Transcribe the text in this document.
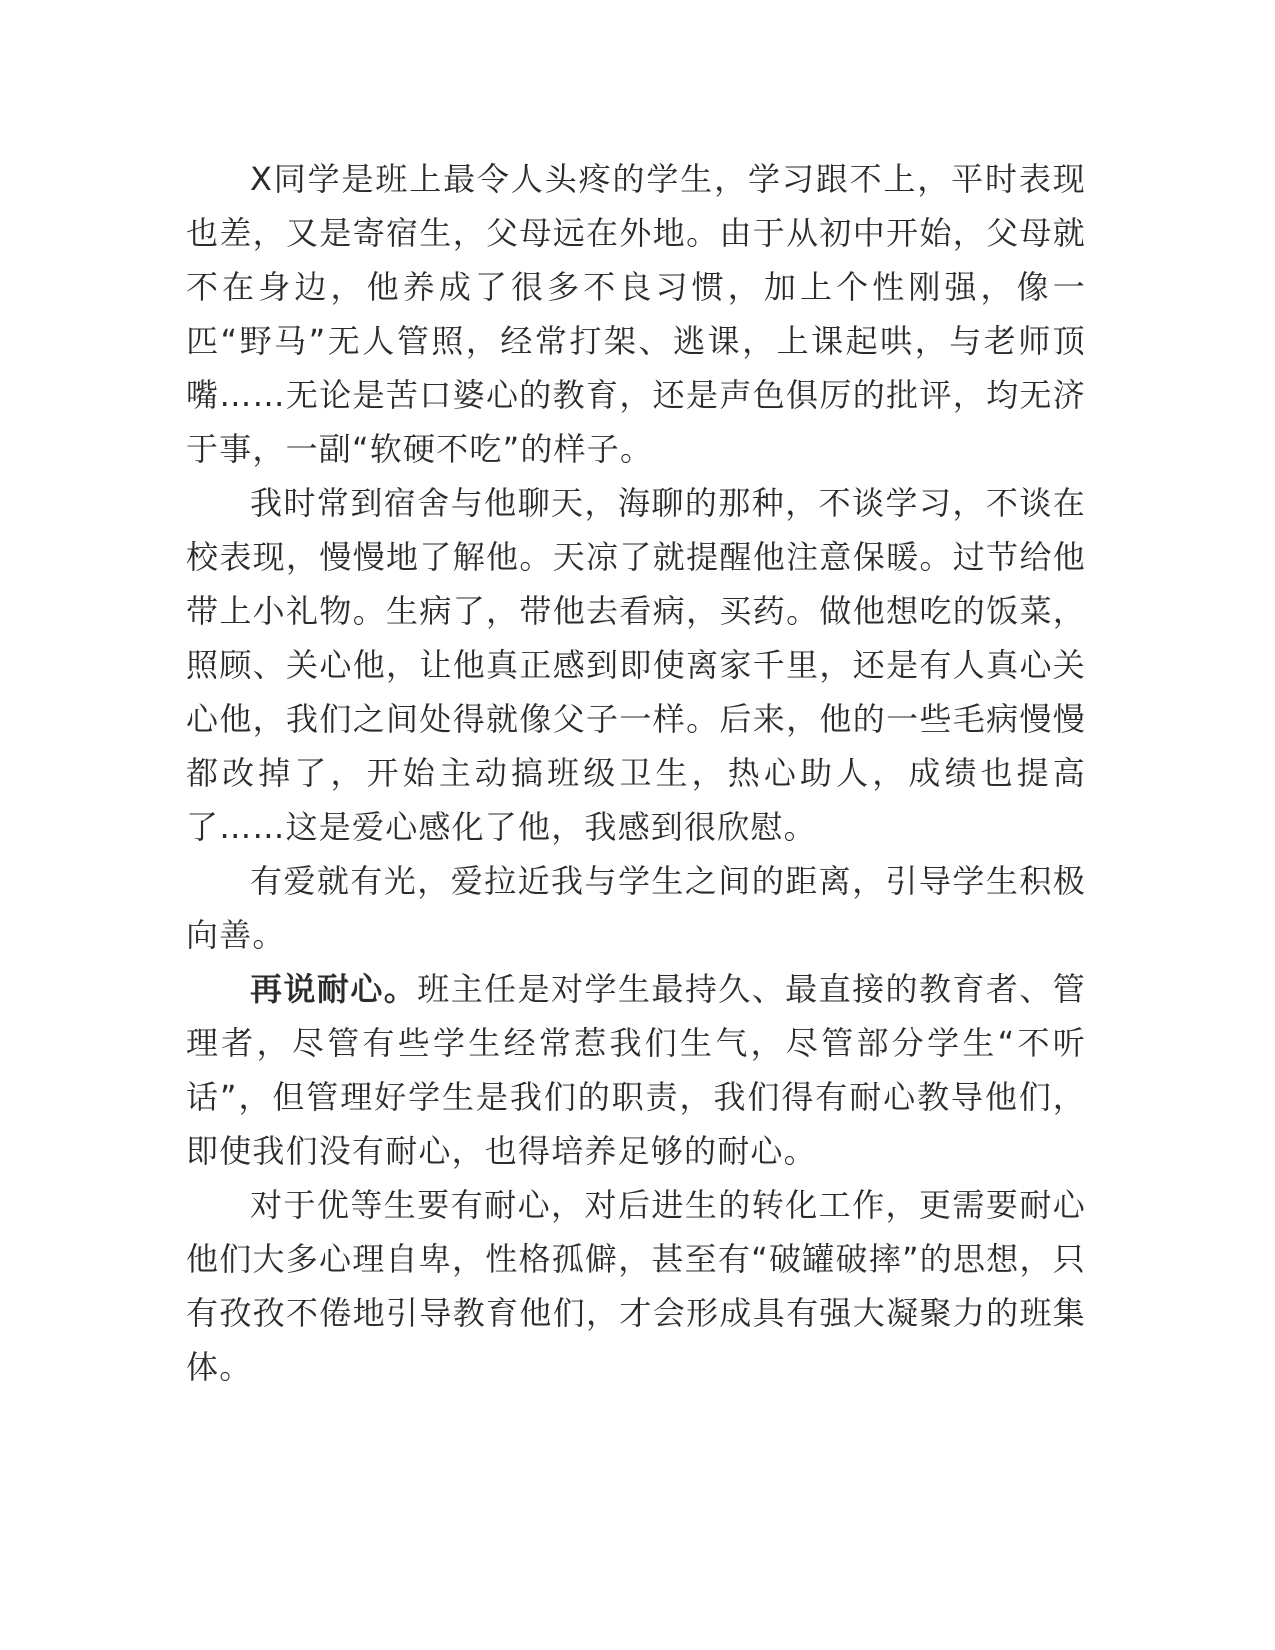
X同学是班上最令人头疼的学生，学习跟不上，平时表现也差，又是寄宿生，父母远在外地。由于从初中开始，父母就不在身边，他养成了很多不良习惯，加上个性刚强，像一匹“野马”无人管照，经常打架、逃课，上课起哄，与老师顶嘴……无论是苦口婆心的教育，还是声色俱厉的批评，均无济于事，一副“软硬不吃”的样子。

我时常到宿舍与他聊天，海聊的那种，不谈学习，不谈在校表现，慢慢地了解他。天凉了就提醒他注意保暖。过节给他带上小礼物。生病了，带他去看病，买药。做他想吃的饭菜，照顾、关心他，让他真正感到即使离家千里，还是有人真心关心他，我们之间处得就像父子一样。后来，他的一些毛病慢慢都改掉了，开始主动搞班级卫生，热心助人，成绩也提高了……这是爱心感化了他，我感到很欣慰。

有爱就有光，爱拉近我与学生之间的距离，引导学生积极向善。

再说耐心。班主任是对学生最持久、最直接的教育者、管理者，尽管有些学生经常惹我们生气，尽管部分学生“不听话”，但管理好学生是我们的职责，我们得有耐心教导他们，即使我们没有耐心，也得培养足够的耐心。

对于优等生要有耐心，对后进生的转化工作，更需要耐心他们大多心理自卑，性格孤僻，甚至有“破罐破摔”的思想，只有孜孜不倦地引导教育他们，才会形成具有强大凝聚力的班集体。
